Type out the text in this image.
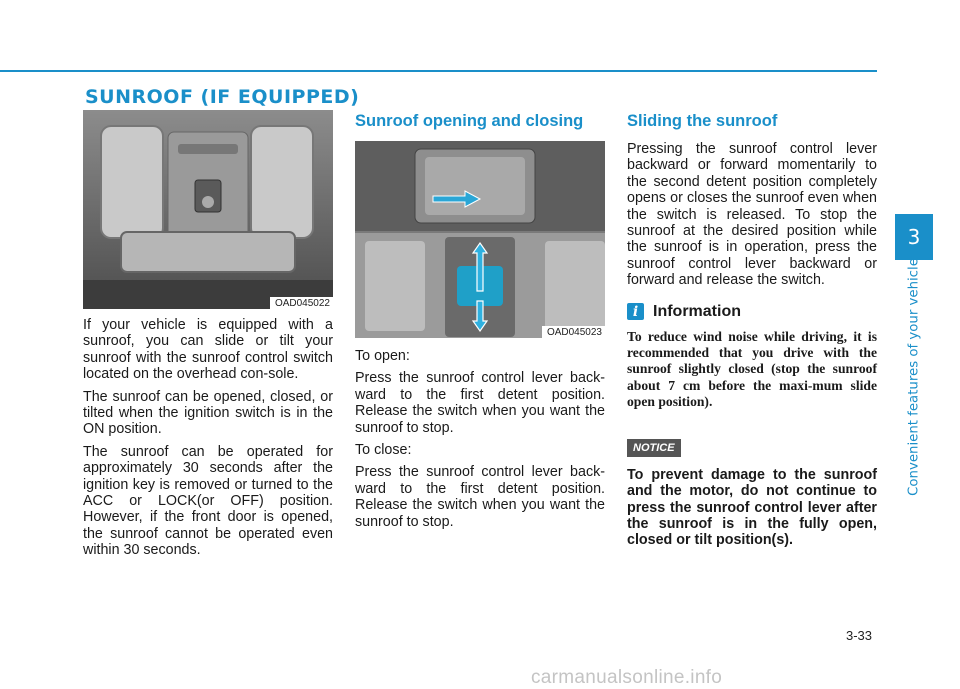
SUNROOF (IF EQUIPPED)
OAD045022

If your vehicle is equipped with a sunroof, you can slide or tilt your sunroof with the sunroof control switch located on the overhead con-sole.

The sunroof can be opened, closed, or tilted when the ignition switch is in the ON position.

The sunroof can be operated for approximately 30 seconds after the ignition key is removed or turned to the ACC or LOCK(or OFF) position. However, if the front door is opened, the sunroof cannot be operated even within 30 seconds.

Sunroof opening and closing
OAD045023

To open:

Press the sunroof control lever back-ward to the first detent position. Release the switch when you want the sunroof to stop.

To close:

Press the sunroof control lever back-ward to the first detent position. Release the switch when you want the sunroof to stop.

Sliding the sunroof

Pressing the sunroof control lever backward or forward momentarily to the second detent position completely opens or closes the sunroof even when the switch is released. To stop the sunroof at the desired position while the sunroof is in operation, press the sunroof control lever backward or forward and release the switch.

i Information

To reduce wind noise while driving, it is recommended that you drive with the sunroof slightly closed (stop the sunroof about 7 cm before the maxi-mum slide open position).

NOTICE

To prevent damage to the sunroof and the motor, do not continue to press the sunroof control lever after the sunroof is in the fully open, closed or tilt position(s).

3
Convenient features of your vehicle
3-33
carmanualsonline.info
